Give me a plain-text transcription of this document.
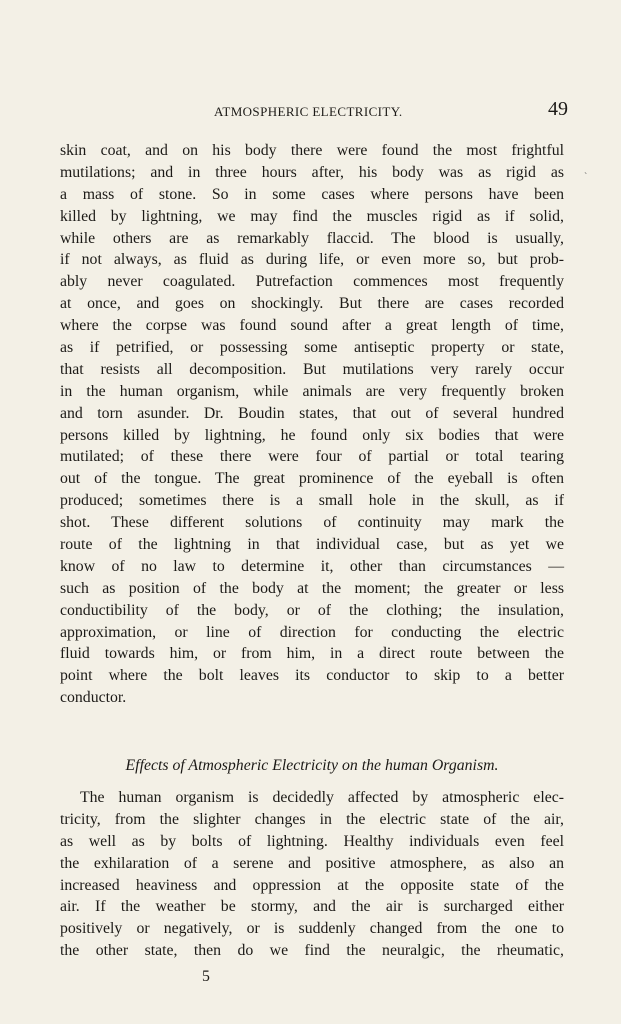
ATMOSPHERIC ELECTRICITY.	49
ˋ
skin coat, and on his body there were found the most frightful
mutilations; and in three hours after, his body was as rigid as
a mass of stone. So in some cases where persons have been
killed by lightning, we may find the muscles rigid as if solid,
while others are as remarkably flaccid. The blood is usually,
if not always, as fluid as during life, or even more so, but prob-
ably never coagulated. Putrefaction commences most frequently
at once, and goes on shockingly. But there are cases recorded
where the corpse was found sound after a great length of time,
as if petrified, or possessing some antiseptic property or state,
that resists all decomposition. But mutilations very rarely occur
in the human organism, while animals are very frequently broken
and torn asunder. Dr. Boudin states, that out of several hundred
persons killed by lightning, he found only six bodies that were
mutilated; of these there were four of partial or total tearing
out of the tongue. The great prominence of the eyeball is often
produced; sometimes there is a small hole in the skull, as if
shot. These different solutions of continuity may mark the
route of the lightning in that individual case, but as yet we
know of no law to determine it, other than circumstances —
such as position of the body at the moment; the greater or less
conductibility of the body, or of the clothing; the insulation,
approximation, or line of direction for conducting the electric
fluid towards him, or from him, in a direct route between the
point where the bolt leaves its conductor to skip to a better
conductor.
Effects of Atmospheric Electricity on the human Organism.
The human organism is decidedly affected by atmospheric elec-
tricity, from the slighter changes in the electric state of the air,
as well as by bolts of lightning. Healthy individuals even feel
the exhilaration of a serene and positive atmosphere, as also an
increased heaviness and oppression at the opposite state of the
air. If the weather be stormy, and the air is surcharged either
positively or negatively, or is suddenly changed from the one to
the other state, then do we find the neuralgic, the rheumatic,
5
